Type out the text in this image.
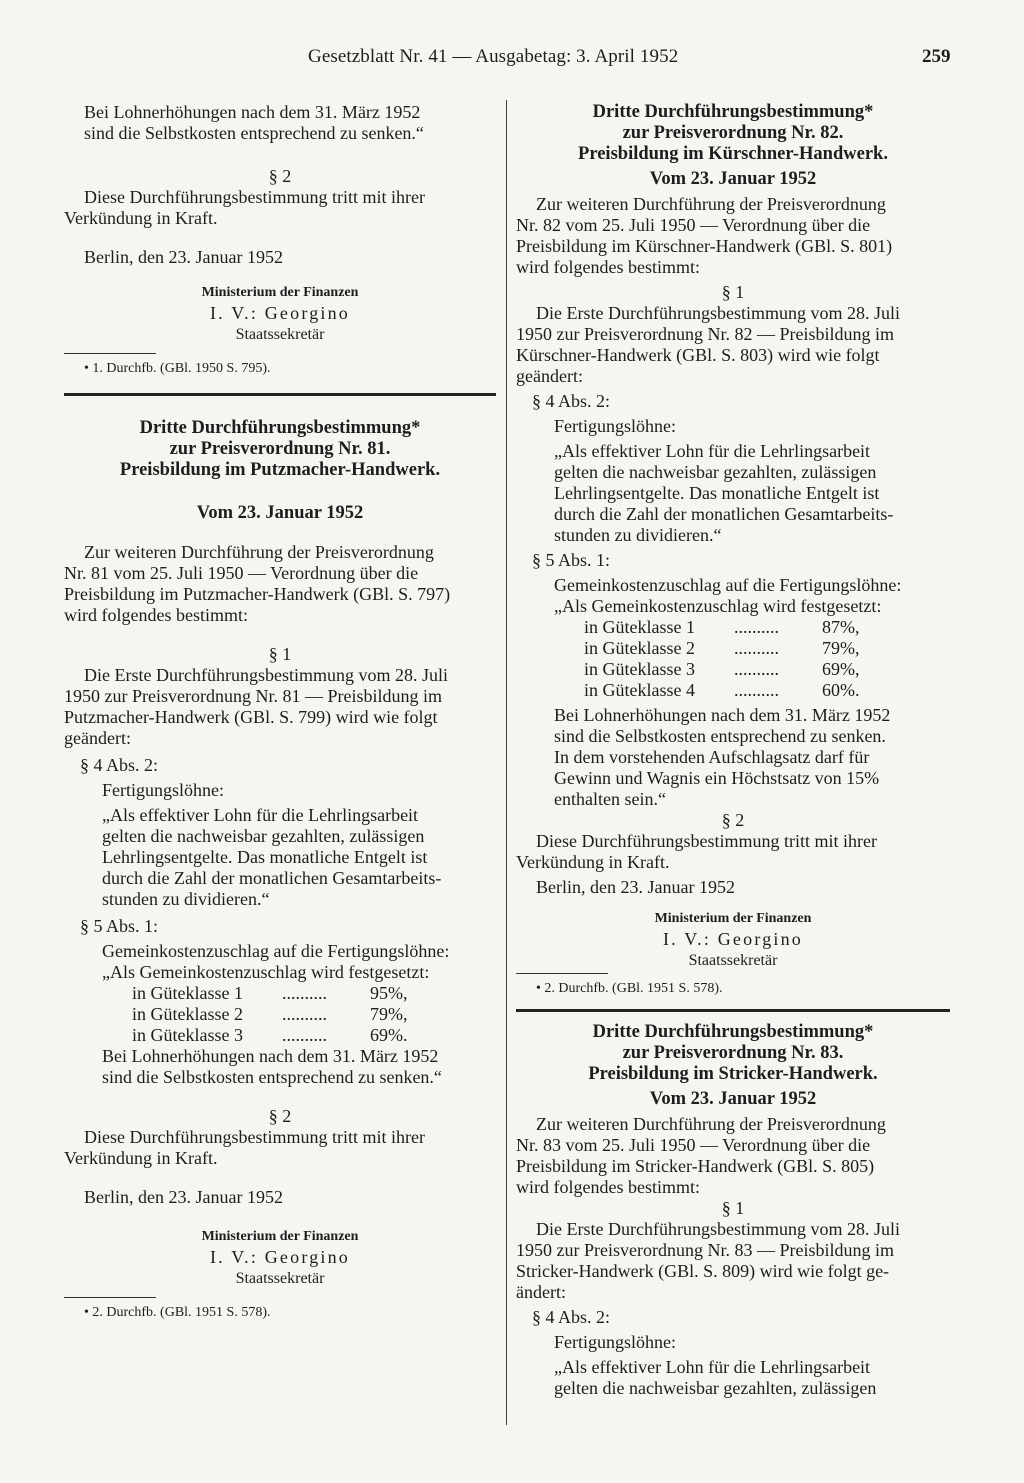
Gesetzblatt Nr. 41 — Ausgabetag: 3. April 1952	259

Bei Lohnerhöhungen nach dem 31. März 1952

sind die Selbstkosten entsprechend zu senken.“

§ 2

Diese Durchführungsbestimmung tritt mit ihrer

Verkündung in Kraft.

Berlin, den 23. Januar 1952

Ministerium der Finanzen

I. V.: Georgino

Staatssekretär

• 1. Durchfb. (GBl. 1950 S. 795).

Dritte Durchführungsbestimmung*

zur Preisverordnung Nr. 81.

Preisbildung im Putzmacher-Handwerk.

Vom 23. Januar 1952

Zur weiteren Durchführung der Preisverordnung

Nr. 81 vom 25. Juli 1950 — Verordnung über die

Preisbildung im Putzmacher-Handwerk (GBl. S. 797)

wird folgendes bestimmt:

§ 1

Die Erste Durchführungsbestimmung vom 28. Juli

1950 zur Preisverordnung Nr. 81 — Preisbildung im

Putzmacher-Handwerk (GBl. S. 799) wird wie folgt

geändert:

§ 4 Abs. 2:

Fertigungslöhne:

„Als effektiver Lohn für die Lehrlingsarbeit

gelten die nachweisbar gezahlten, zulässigen

Lehrlingsentgelte. Das monatliche Entgelt ist

durch die Zahl der monatlichen Gesamtarbeits-

stunden zu dividieren.“

§ 5 Abs. 1:

Gemeinkostenzuschlag auf die Fertigungslöhne:

„Als Gemeinkostenzuschlag wird festgesetzt:

in Güteklasse 1	..........	95%,
in Güteklasse 2	..........	79%,
in Güteklasse 3	..........	69%.

Bei Lohnerhöhungen nach dem 31. März 1952

sind die Selbstkosten entsprechend zu senken.“

§ 2

Diese Durchführungsbestimmung tritt mit ihrer

Verkündung in Kraft.

Berlin, den 23. Januar 1952

Ministerium der Finanzen

I. V.: Georgino

Staatssekretär

• 2. Durchfb. (GBl. 1951 S. 578).

Dritte Durchführungsbestimmung*

zur Preisverordnung Nr. 82.

Preisbildung im Kürschner-Handwerk.

Vom 23. Januar 1952

Zur weiteren Durchführung der Preisverordnung

Nr. 82 vom 25. Juli 1950 — Verordnung über die

Preisbildung im Kürschner-Handwerk (GBl. S. 801)

wird folgendes bestimmt:

§ 1

Die Erste Durchführungsbestimmung vom 28. Juli

1950 zur Preisverordnung Nr. 82 — Preisbildung im

Kürschner-Handwerk (GBl. S. 803) wird wie folgt

geändert:

§ 4 Abs. 2:

Fertigungslöhne:

„Als effektiver Lohn für die Lehrlingsarbeit

gelten die nachweisbar gezahlten, zulässigen

Lehrlingsentgelte. Das monatliche Entgelt ist

durch die Zahl der monatlichen Gesamtarbeits-

stunden zu dividieren.“

§ 5 Abs. 1:

Gemeinkostenzuschlag auf die Fertigungslöhne:

„Als Gemeinkostenzuschlag wird festgesetzt:

in Güteklasse 1	..........	87%,
in Güteklasse 2	..........	79%,
in Güteklasse 3	..........	69%,
in Güteklasse 4	..........	60%.

Bei Lohnerhöhungen nach dem 31. März 1952

sind die Selbstkosten entsprechend zu senken.

In dem vorstehenden Aufschlagsatz darf für

Gewinn und Wagnis ein Höchstsatz von 15%

enthalten sein.“

§ 2

Diese Durchführungsbestimmung tritt mit ihrer

Verkündung in Kraft.

Berlin, den 23. Januar 1952

Ministerium der Finanzen

I. V.: Georgino

Staatssekretär

• 2. Durchfb. (GBl. 1951 S. 578).

Dritte Durchführungsbestimmung*

zur Preisverordnung Nr. 83.

Preisbildung im Stricker-Handwerk.

Vom 23. Januar 1952

Zur weiteren Durchführung der Preisverordnung

Nr. 83 vom 25. Juli 1950 — Verordnung über die

Preisbildung im Stricker-Handwerk (GBl. S. 805)

wird folgendes bestimmt:

§ 1

Die Erste Durchführungsbestimmung vom 28. Juli

1950 zur Preisverordnung Nr. 83 — Preisbildung im

Stricker-Handwerk (GBl. S. 809) wird wie folgt ge-

ändert:

§ 4 Abs. 2:

Fertigungslöhne:

„Als effektiver Lohn für die Lehrlingsarbeit

gelten die nachweisbar gezahlten, zulässigen
